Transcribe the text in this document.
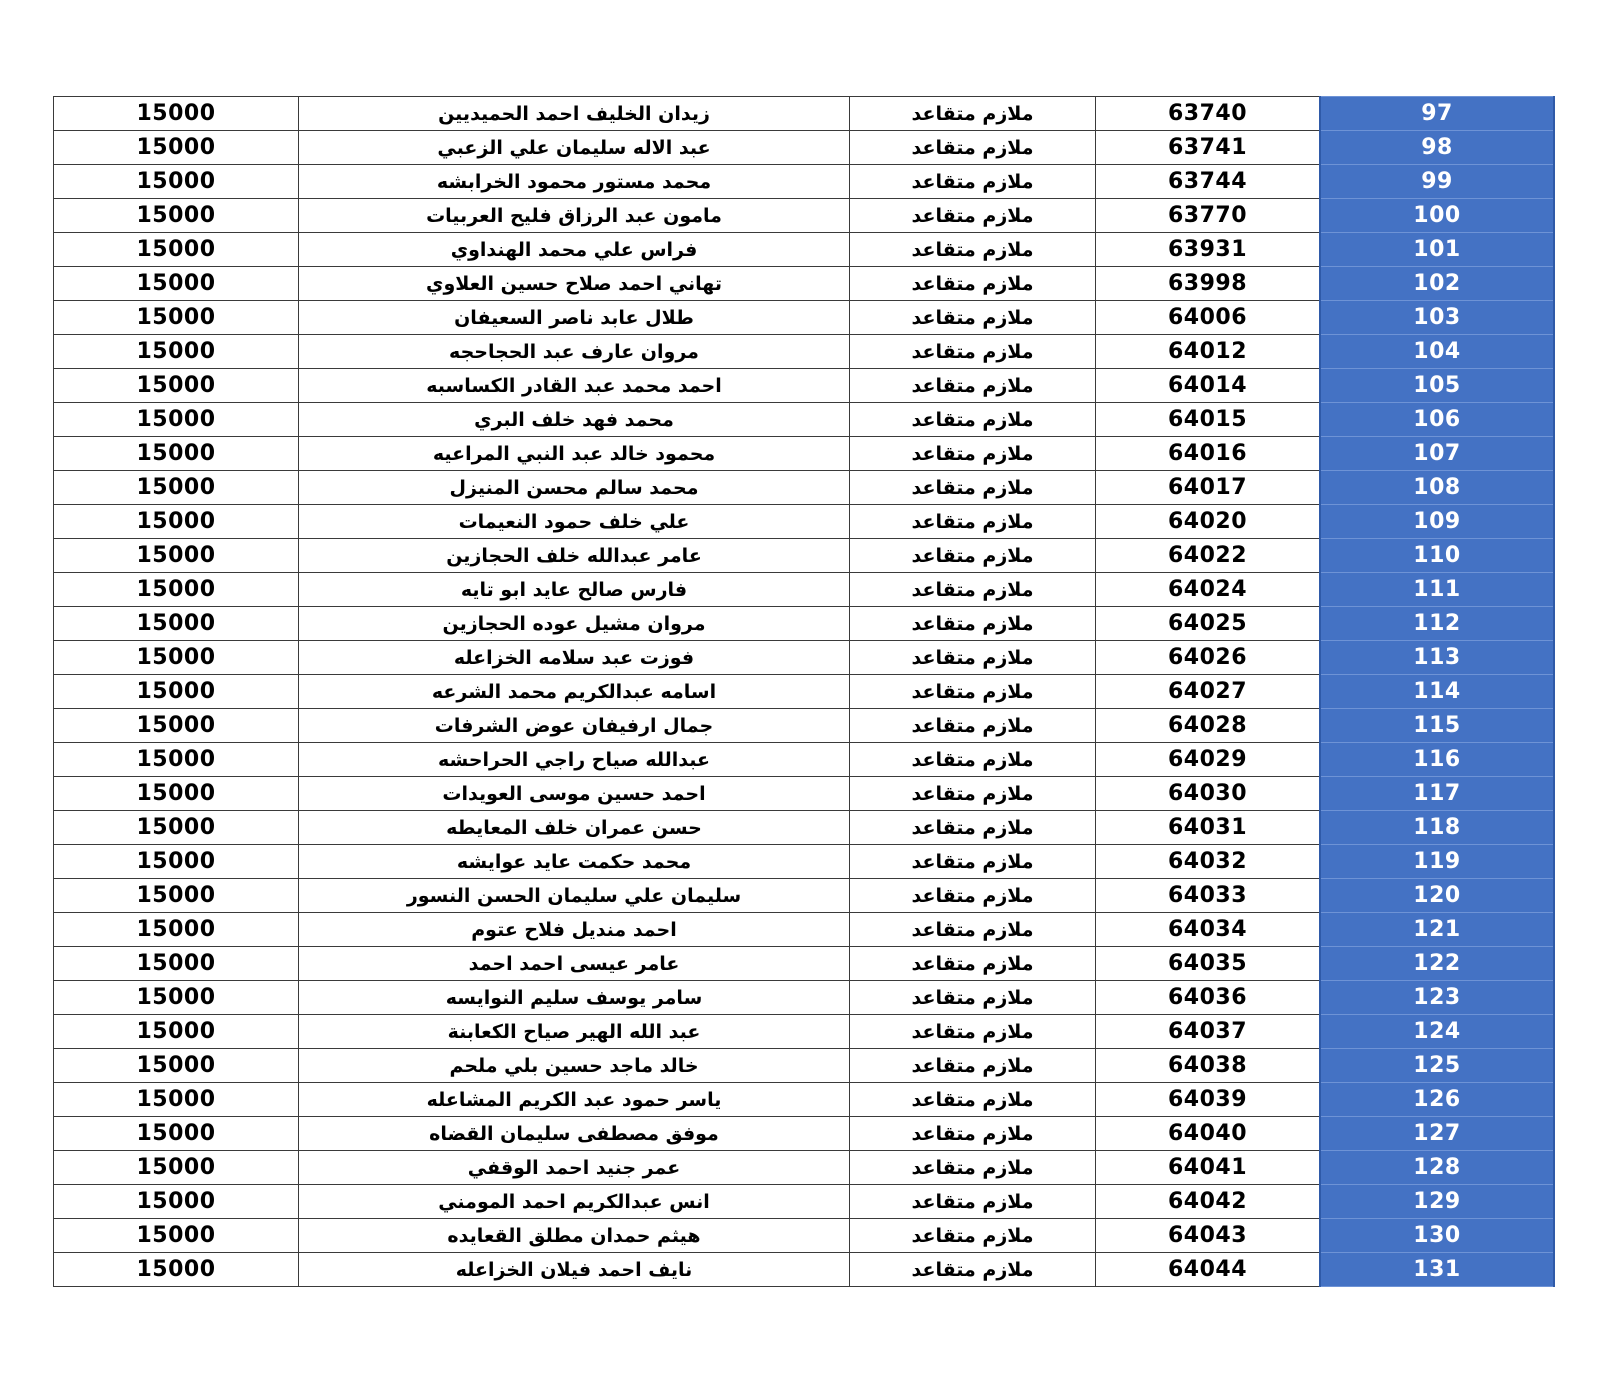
15000	زيدان الخليف احمد الحميديين	ملازم متقاعد	63740	97
15000	عبد الاله سليمان علي الزعبي	ملازم متقاعد	63741	98
15000	محمد مستور محمود الخرابشه	ملازم متقاعد	63744	99
15000	مامون عبد الرزاق فليح العربيات	ملازم متقاعد	63770	100
15000	فراس علي محمد الهنداوي	ملازم متقاعد	63931	101
15000	تهاني احمد صلاح حسين العلاوي	ملازم متقاعد	63998	102
15000	طلال عابد ناصر السعيفان	ملازم متقاعد	64006	103
15000	مروان عارف عبد الحجاحجه	ملازم متقاعد	64012	104
15000	احمد محمد عبد القادر الكساسبه	ملازم متقاعد	64014	105
15000	محمد فهد خلف البري	ملازم متقاعد	64015	106
15000	محمود خالد عبد النبي المراعيه	ملازم متقاعد	64016	107
15000	محمد سالم محسن المنيزل	ملازم متقاعد	64017	108
15000	علي خلف حمود النعيمات	ملازم متقاعد	64020	109
15000	عامر عبدالله خلف الحجازين	ملازم متقاعد	64022	110
15000	فارس صالح عايد ابو تايه	ملازم متقاعد	64024	111
15000	مروان مشيل عوده الحجازين	ملازم متقاعد	64025	112
15000	فوزت عبد سلامه الخزاعله	ملازم متقاعد	64026	113
15000	اسامه عبدالكريم محمد الشرعه	ملازم متقاعد	64027	114
15000	جمال ارفيفان عوض الشرفات	ملازم متقاعد	64028	115
15000	عبدالله صياح راجي الحراحشه	ملازم متقاعد	64029	116
15000	احمد حسين موسى العويدات	ملازم متقاعد	64030	117
15000	حسن عمران خلف المعايطه	ملازم متقاعد	64031	118
15000	محمد حكمت عايد عوايشه	ملازم متقاعد	64032	119
15000	سليمان علي سليمان الحسن النسور	ملازم متقاعد	64033	120
15000	احمد منديل فلاح عتوم	ملازم متقاعد	64034	121
15000	عامر عيسى احمد احمد	ملازم متقاعد	64035	122
15000	سامر يوسف سليم النوايسه	ملازم متقاعد	64036	123
15000	عبد الله الهير صياح الكعابنة	ملازم متقاعد	64037	124
15000	خالد ماجد حسين بلي ملحم	ملازم متقاعد	64038	125
15000	ياسر حمود عبد الكريم المشاعله	ملازم متقاعد	64039	126
15000	موفق مصطفى سليمان القضاه	ملازم متقاعد	64040	127
15000	عمر جنيد احمد الوقفي	ملازم متقاعد	64041	128
15000	انس عبدالكريم احمد المومني	ملازم متقاعد	64042	129
15000	هيثم حمدان مطلق القعايده	ملازم متقاعد	64043	130
15000	نايف احمد فيلان الخزاعله	ملازم متقاعد	64044	131
